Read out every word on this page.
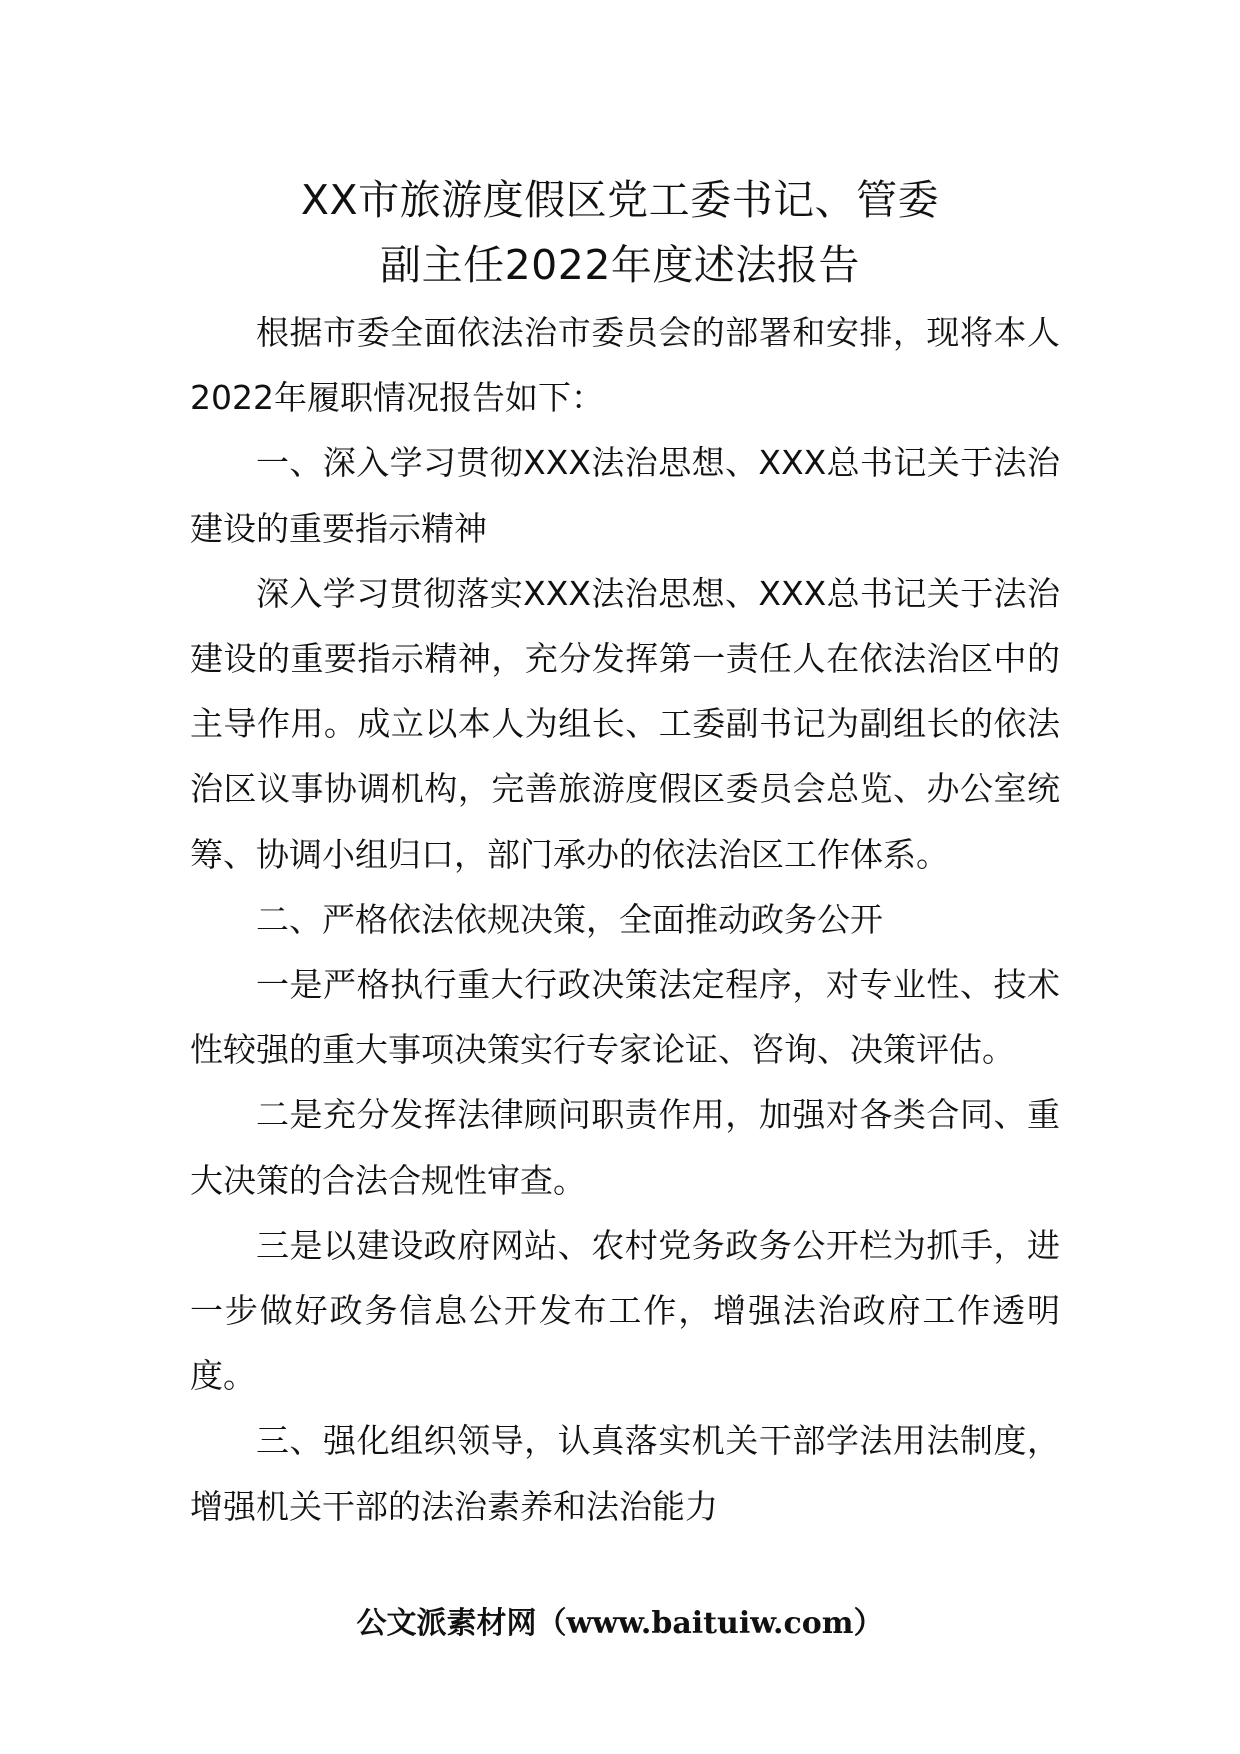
XX市旅游度假区党工委书记、管委
副主任2022年度述法报告

根据市委全面依法治市委员会的部署和安排，现将本人2022年履职情况报告如下：

一、深入学习贯彻XXX法治思想、XXX总书记关于法治建设的重要指示精神

深入学习贯彻落实XXX法治思想、XXX总书记关于法治建设的重要指示精神，充分发挥第一责任人在依法治区中的主导作用。成立以本人为组长、工委副书记为副组长的依法治区议事协调机构，完善旅游度假区委员会总览、办公室统筹、协调小组归口，部门承办的依法治区工作体系。

二、严格依法依规决策，全面推动政务公开

一是严格执行重大行政决策法定程序，对专业性、技术性较强的重大事项决策实行专家论证、咨询、决策评估。

二是充分发挥法律顾问职责作用，加强对各类合同、重大决策的合法合规性审查。

三是以建设政府网站、农村党务政务公开栏为抓手，进一步做好政务信息公开发布工作，增强法治政府工作透明度。

三、强化组织领导，认真落实机关干部学法用法制度，增强机关干部的法治素养和法治能力

公文派素材网（www.baituiw.com）
